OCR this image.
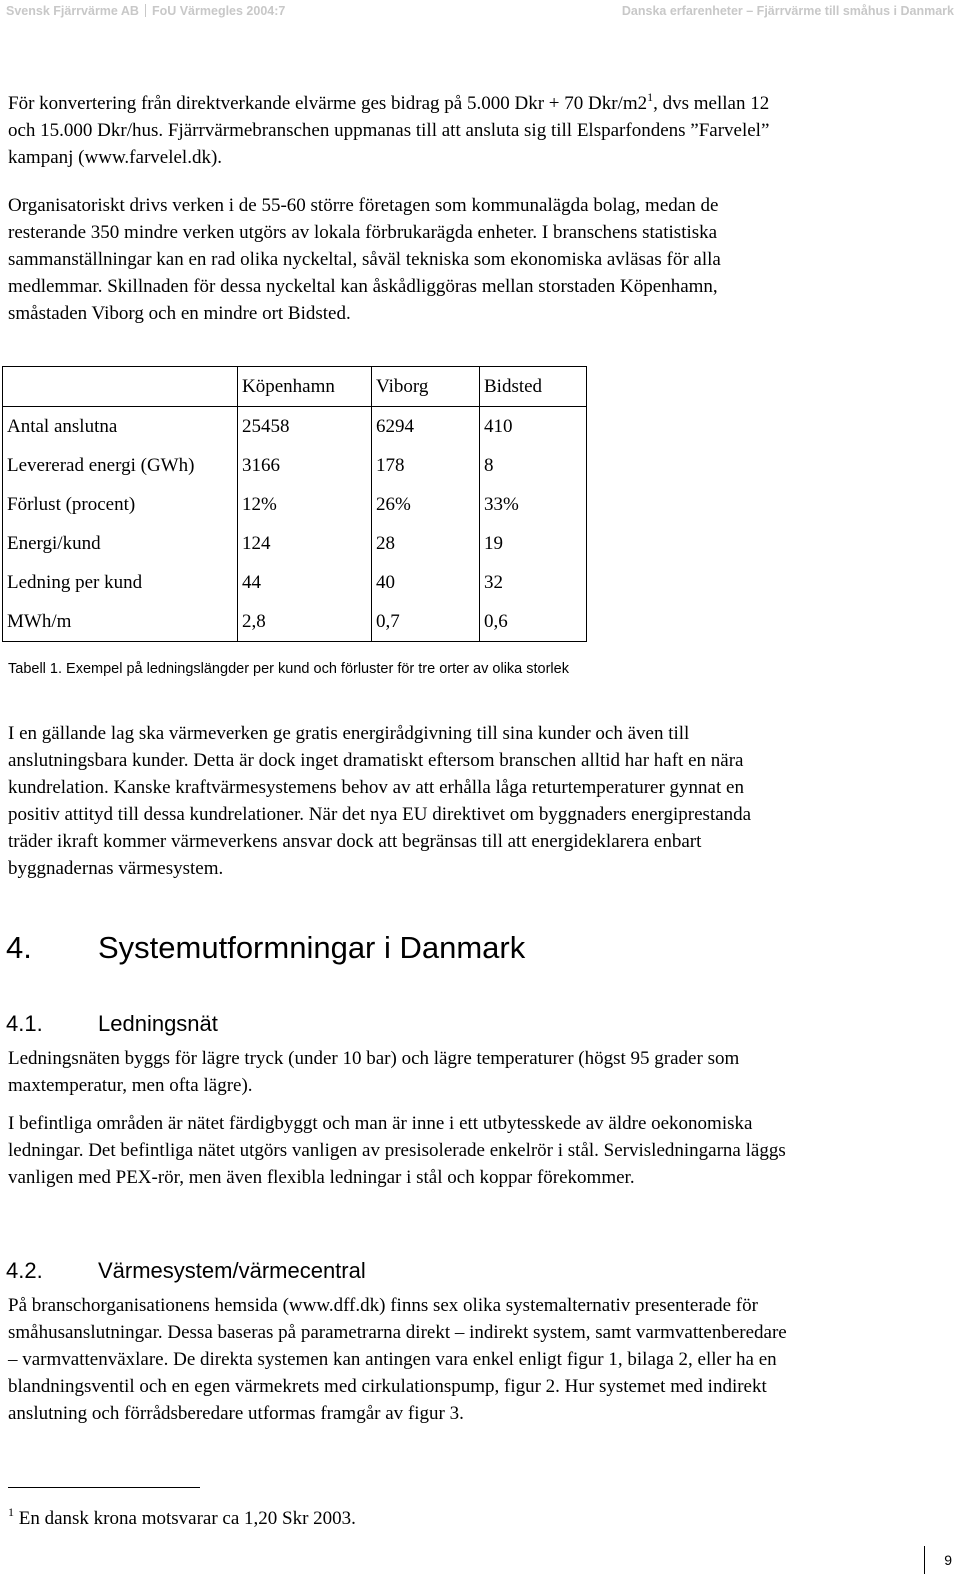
Svensk Fjärrvärme AB FoU Värmegles 2004:7	Danska erfarenheter – Fjärrvärme till småhus i Danmark

För konvertering från direktverkande elvärme ges bidrag på 5.000 Dkr + 70 Dkr/$m2^1$, dvs mellan 12 och 15.000 Dkr/hus. Fjärrvärmebranschen uppmanas till att ansluta sig till Elsparfondens ”Farvelel” kampanj (www.farvelel.dk).

Organisatoriskt drivs verken i de 55-60 större företagen som kommunalägda bolag, medan de resterande 350 mindre verken utgörs av lokala förbrukarägda enheter. I branschens statistiska sammanställningar kan en rad olika nyckeltal, såväl tekniska som ekonomiska avläsas för alla medlemmar. Skillnaden för dessa nyckeltal kan åskådliggöras mellan storstaden Köpenhamn, småstaden Viborg och en mindre ort Bidsted.

	Köpenhamn	Viborg	Bidsted
Antal anslutna	25458	6294	410
Levererad energi (GWh)	3166	178	8
Förlust (procent)	12%	26%	33%
Energi/kund	124	28	19
Ledning per kund	44	40	32
MWh/m	2,8	0,7	0,6
Tabell 1. Exempel på ledningslängder per kund och förluster för tre orter av olika storlek

I en gällande lag ska värmeverken ge gratis energirådgivning till sina kunder och även till anslutningsbara kunder. Detta är dock inget dramatiskt eftersom branschen alltid har haft en nära kundrelation. Kanske kraftvärmesystemens behov av att erhålla låga returtemperaturer gynnat en positiv attityd till dessa kundrelationer. När det nya EU direktivet om byggnaders energiprestanda träder ikraft kommer värmeverkens ansvar dock att begränsas till att energideklarera enbart byggnadernas värmesystem.

4. Systemutformningar i Danmark
4.1.	Ledningsnät

Ledningsnäten byggs för lägre tryck (under 10 bar) och lägre temperaturer (högst 95 grader som maxtemperatur, men ofta lägre).

I befintliga områden är nätet färdigbyggt och man är inne i ett utbytesskede av äldre oekonomiska ledningar. Det befintliga nätet utgörs vanligen av presisolerade enkelrör i stål. Servisledningarna läggs vanligen med PEX-rör, men även flexibla ledningar i stål och koppar förekommer.

4.2.	Värmesystem/värmecentral

På branschorganisationens hemsida (www.dff.dk) finns sex olika systemalternativ presenterade för småhusanslutningar. Dessa baseras på parametrarna direkt – indirekt system, samt varmvattenberedare – varmvattenväxlare. De direkta systemen kan antingen vara enkel enligt figur 1, bilaga 2, eller ha en blandningsventil och en egen värmekrets med cirkulationspump, figur 2. Hur systemet med indirekt anslutning och förrådsberedare utformas framgår av figur 3.

$^1$ En dansk krona motsvarar ca 1,20 Skr 2003.
9
